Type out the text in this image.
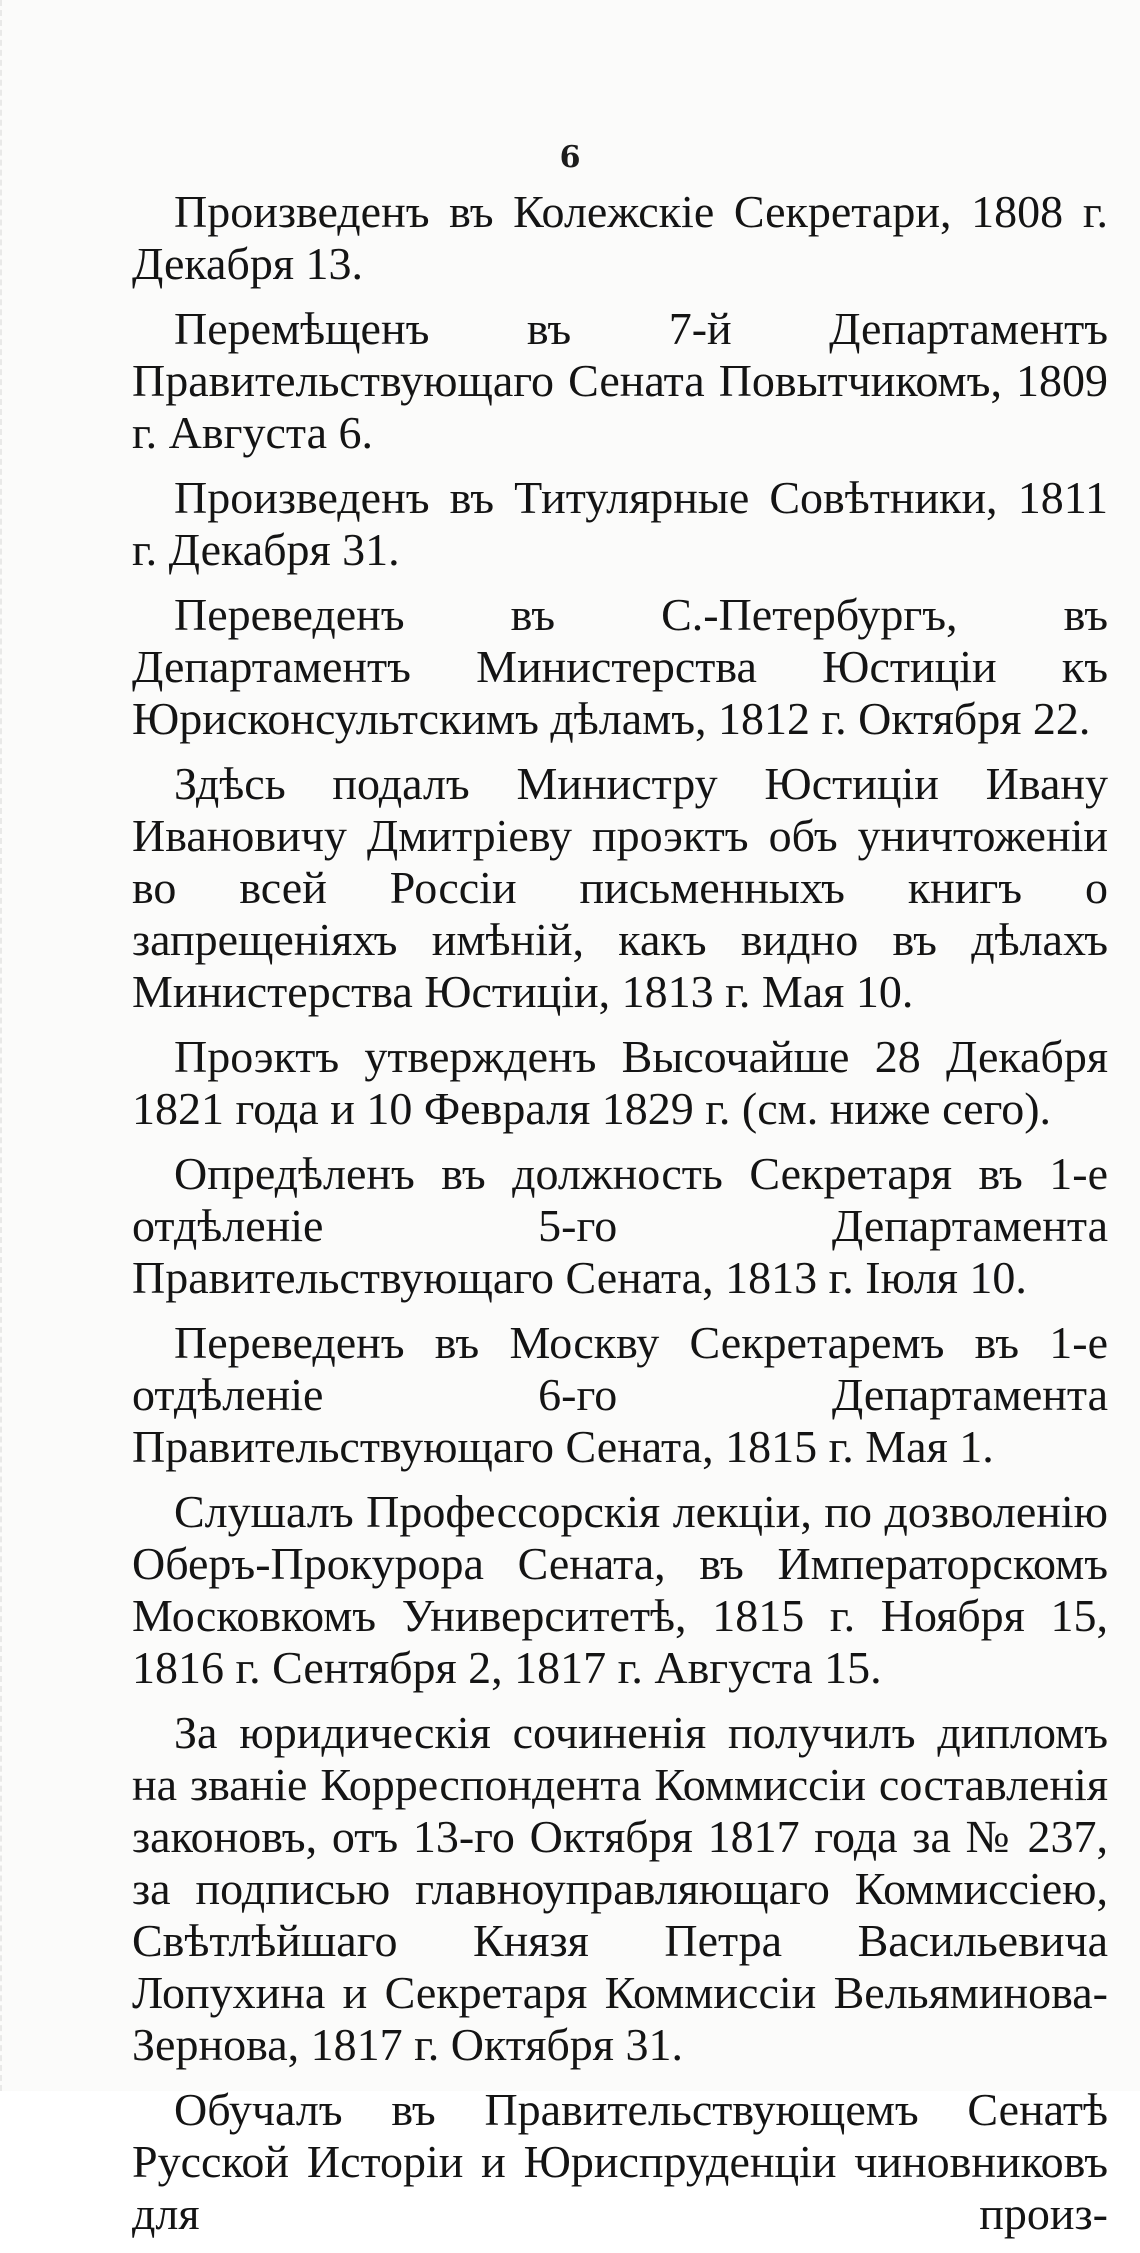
6

Произведенъ въ Колежскіе Секретари, 1808 г. Декабря 13.

Перемѣщенъ въ 7-й Департаментъ Правительствующаго Сената Повытчикомъ, 1809 г. Августа 6.

Произведенъ въ Титулярные Совѣтники, 1811 г. Декабря 31.

Переведенъ въ С.-Петербургъ, въ Департаментъ Министерства Юстиціи къ Юрисконсультскимъ дѣламъ, 1812 г. Октября 22.

Здѣсь подалъ Министру Юстиціи Ивану Ивановичу Дмитріеву проэктъ объ уничтоженіи во всей Россіи письменныхъ книгъ о запрещеніяхъ имѣній, какъ видно въ дѣлахъ Министерства Юстиціи, 1813 г. Мая 10.

Проэктъ утвержденъ Высочайше 28 Декабря 1821 года и 10 Февраля 1829 г. (см. ниже сего).

Опредѣленъ въ должность Секретаря въ 1-е отдѣленіе 5-го Департамента Правительствующаго Сената, 1813 г. Іюля 10.

Переведенъ въ Москву Секретаремъ въ 1-е отдѣленіе 6-го Департамента Правительствующаго Сената, 1815 г. Мая 1.

Слушалъ Профессорскія лекціи, по дозволенію Оберъ-Прокурора Сената, въ Императорскомъ Московкомъ Университетѣ, 1815 г. Ноября 15, 1816 г. Сентября 2, 1817 г. Августа 15.

За юридическія сочиненія получилъ дипломъ на званіе Корреспондента Коммиссіи составленія законовъ, отъ 13-го Октября 1817 года за № 237, за подписью главноуправляющаго Коммиссіею, Свѣтлѣйшаго Князя Петра Васильевича Лопухина и Секретаря Коммиссіи Вельяминова-Зернова, 1817 г. Октября 31.

Обучалъ въ Правительствующемъ Сенатѣ Русской Исторіи и Юриспруденціи чиновниковъ для произ-
